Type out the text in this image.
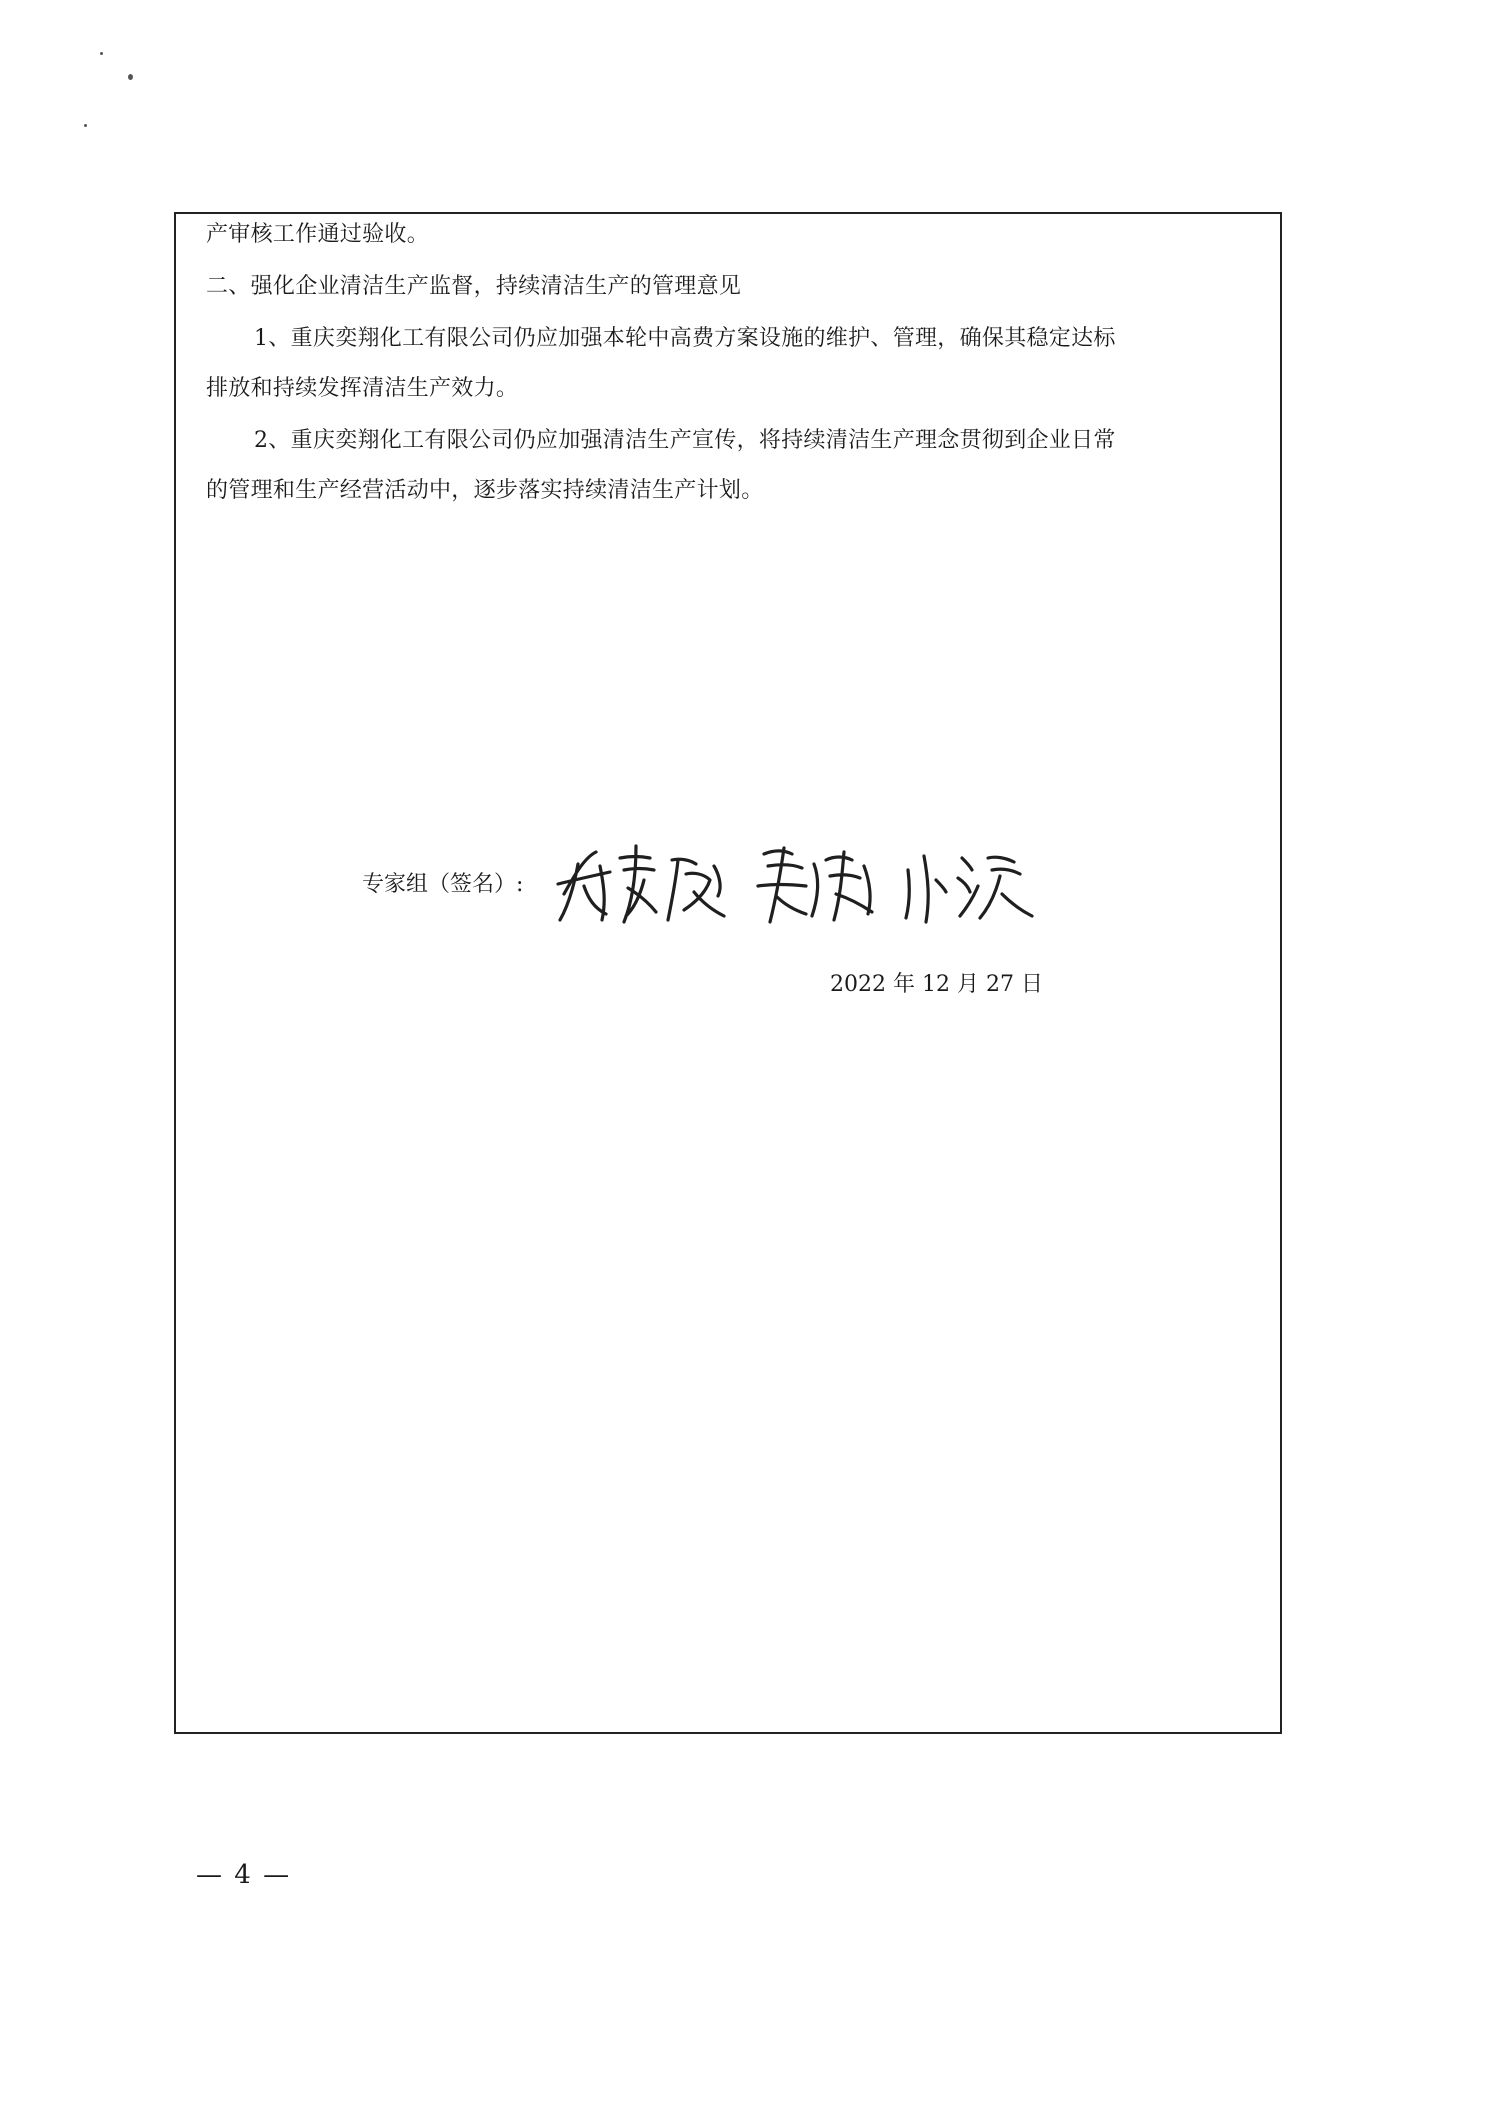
产审核工作通过验收。
二、强化企业清洁生产监督，持续清洁生产的管理意见
1、重庆奕翔化工有限公司仍应加强本轮中高费方案设施的维护、管理，确保其稳定达标
排放和持续发挥清洁生产效力。
2、重庆奕翔化工有限公司仍应加强清洁生产宣传，将持续清洁生产理念贯彻到企业日常
的管理和生产经营活动中，逐步落实持续清洁生产计划。
专家组（签名）:
2022 年 12 月 27 日
— 4 —
